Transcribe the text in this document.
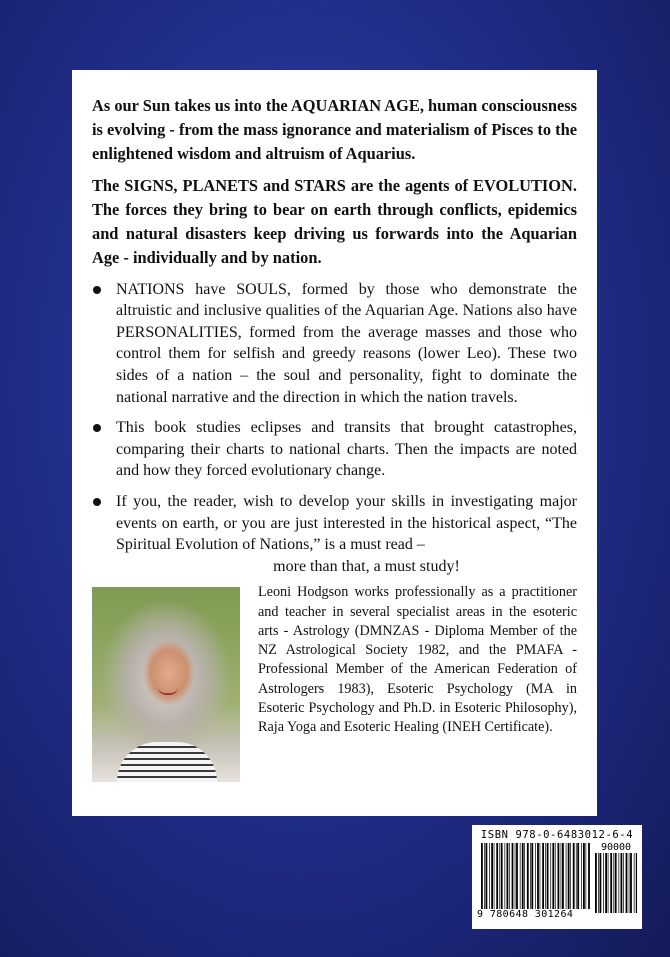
As our Sun takes us into the AQUARIAN AGE, human consciousness is evolving - from the mass ignorance and materialism of Pisces to the enlightened wisdom and altruism of Aquarius.

The SIGNS, PLANETS and STARS are the agents of EVOLUTION. The forces they bring to bear on earth through conflicts, epidemics and natural disasters keep driving us forwards into the Aquarian Age - individually and by nation.

NATIONS have SOULS, formed by those who demonstrate the altruistic and inclusive qualities of the Aquarian Age. Nations also have PERSONALITIES, formed from the average masses and those who control them for selfish and greedy reasons (lower Leo). These two sides of a nation – the soul and personality, fight to dominate the national narrative and the direction in which the nation travels.
This book studies eclipses and transits that brought catastrophes, comparing their charts to national charts. Then the impacts are noted and how they forced evolutionary change.
If you, the reader, wish to develop your skills in investigating major events on earth, or you are just interested in the historical aspect, “The Spiritual Evolution of Nations,” is a must read –
more than that, a must study!
Leoni Hodgson works professionally as a practitioner and teacher in several specialist areas in the esoteric arts - Astrology (DMNZAS - Diploma Member of the NZ Astrological Society 1982, and the PMAFA - Professional Member of the American Federation of Astrologers 1983), Esoteric Psychology (MA in Esoteric Psychology and Ph.D. in Esoteric Philosophy), Raja Yoga and Esoteric Healing (INEH Certificate).
ISBN 978-0-6483012-6-4
90000
9 780648 301264
